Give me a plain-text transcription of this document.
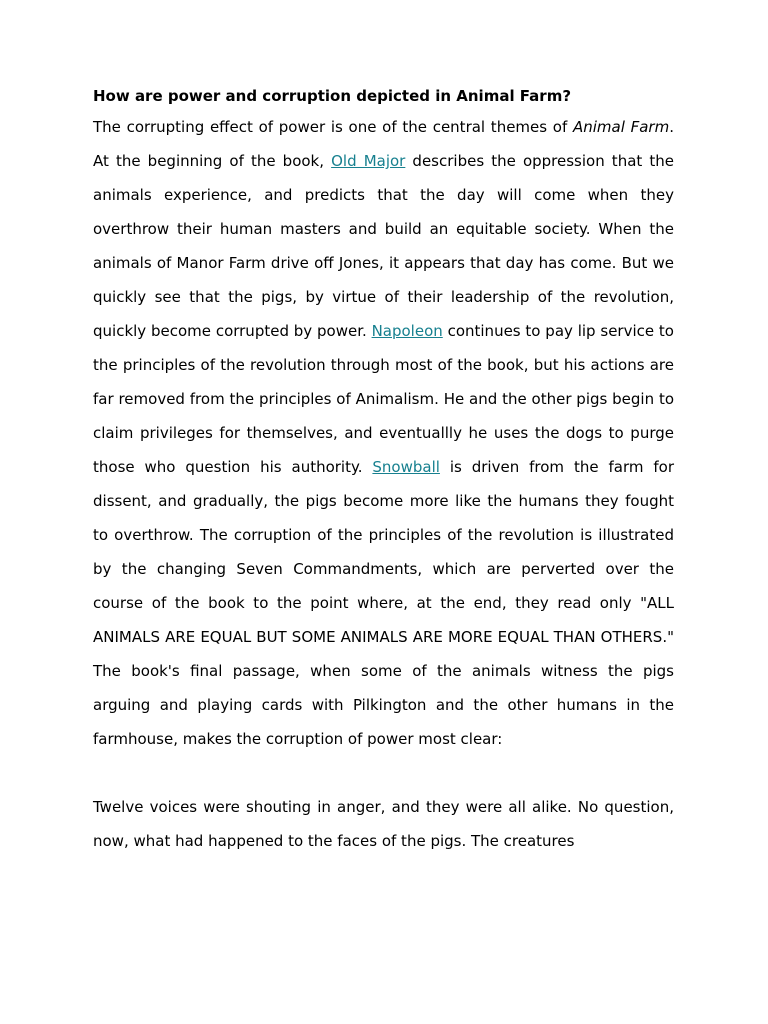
How are power and corruption depicted in Animal Farm?

The corrupting effect of power is one of the central themes of Animal Farm. At the beginning of the book, Old Major describes the oppression that the animals experience, and predicts that the day will come when they overthrow their human masters and build an equitable society. When the animals of Manor Farm drive off Jones, it appears that day has come. But we quickly see that the pigs, by virtue of their leadership of the revolution, quickly become corrupted by power. Napoleon continues to pay lip service to the principles of the revolution through most of the book, but his actions are far removed from the principles of Animalism. He and the other pigs begin to claim privileges for themselves, and eventuallly he uses the dogs to purge those who question his authority. Snowball is driven from the farm for dissent, and gradually, the pigs become more like the humans they fought to overthrow. The corruption of the principles of the revolution is illustrated by the changing Seven Commandments, which are perverted over the course of the book to the point where, at the end, they read only "ALL ANIMALS ARE EQUAL BUT SOME ANIMALS ARE MORE EQUAL THAN OTHERS." The book's final passage, when some of the animals witness the pigs arguing and playing cards with Pilkington and the other humans in the farmhouse, makes the corruption of power most clear:

Twelve voices were shouting in anger, and they were all alike. No question, now, what had happened to the faces of the pigs. The creatures
